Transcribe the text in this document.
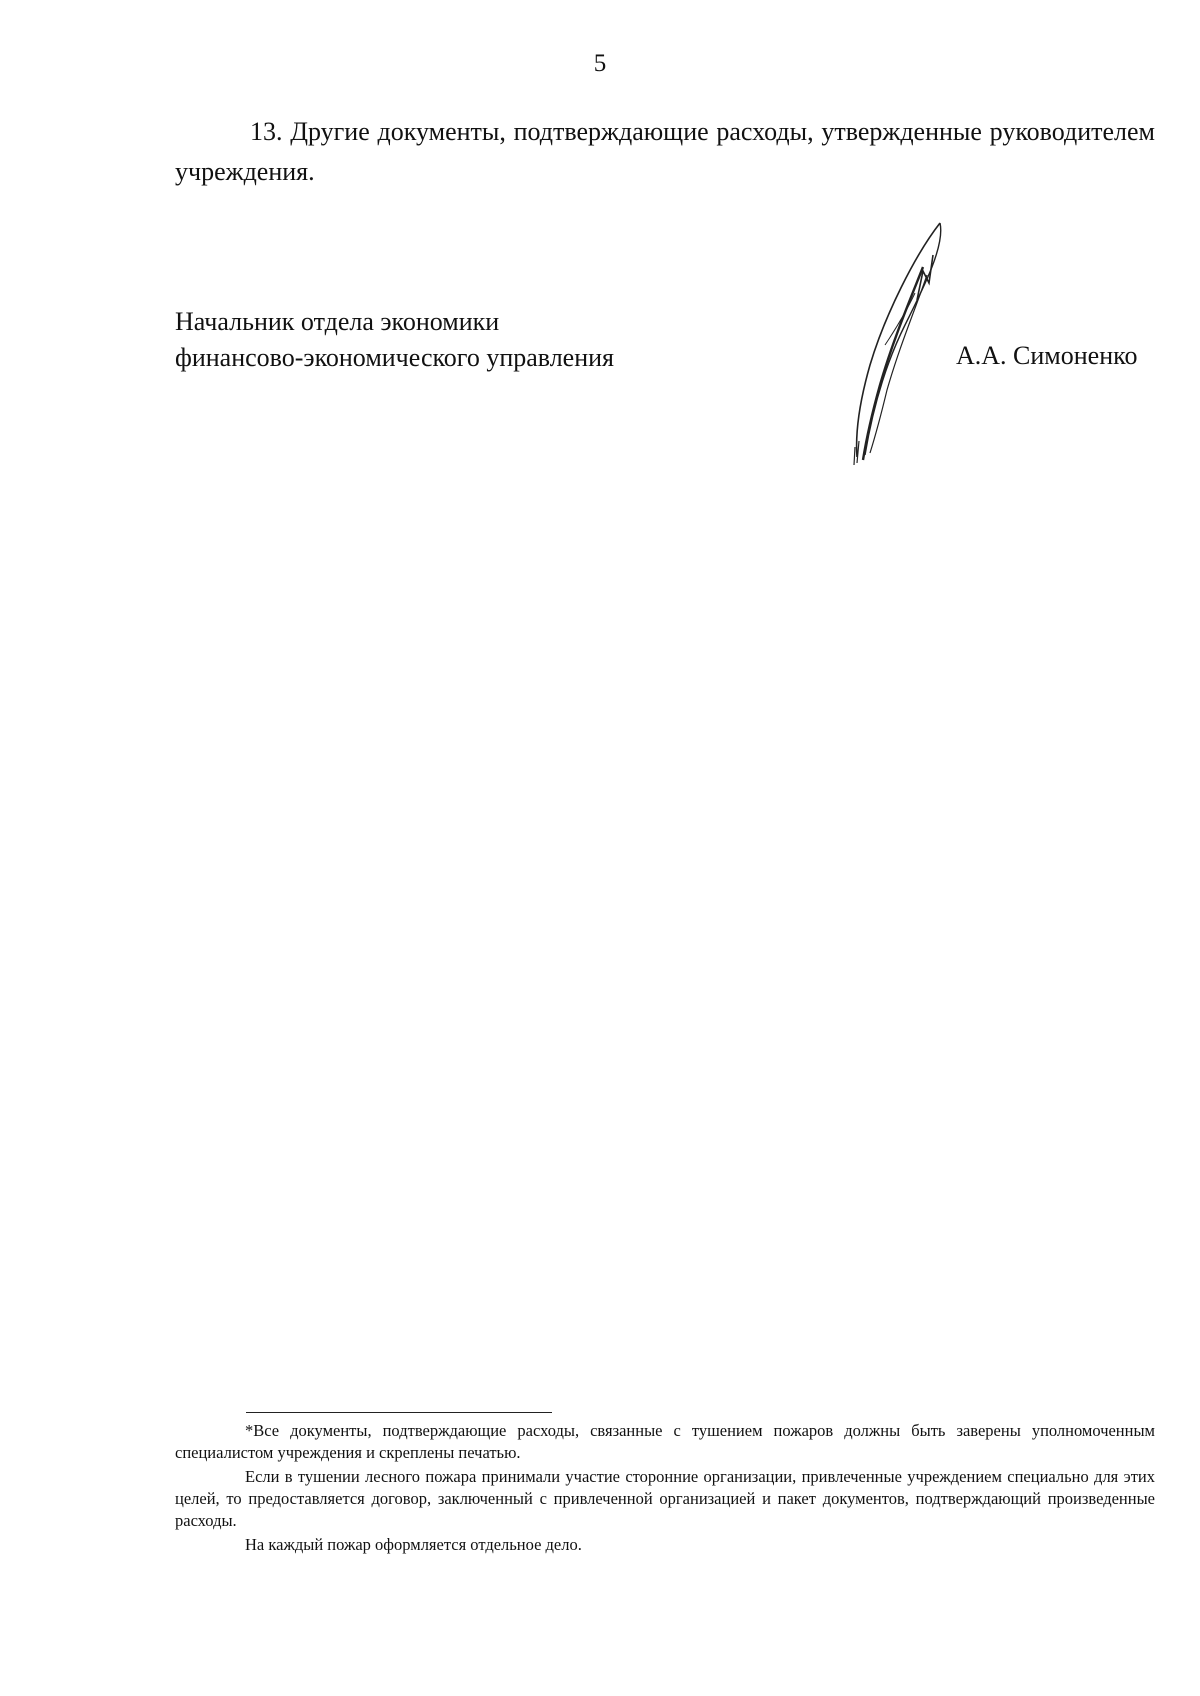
5

13. Другие документы, подтверждающие расходы, утвержденные руководителем учреждения.

Начальник отдела экономики
финансово-экономического управления	А.А. Симоненко

*Все документы, подтверждающие расходы, связанные с тушением пожаров должны быть заверены уполномоченным специалистом учреждения и скреплены печатью.

Если в тушении лесного пожара принимали участие сторонние организации, привлеченные учреждением специально для этих целей, то предоставляется договор, заключенный с привлеченной организацией и пакет документов, подтверждающий произведенные расходы.

На каждый пожар оформляется отдельное дело.
